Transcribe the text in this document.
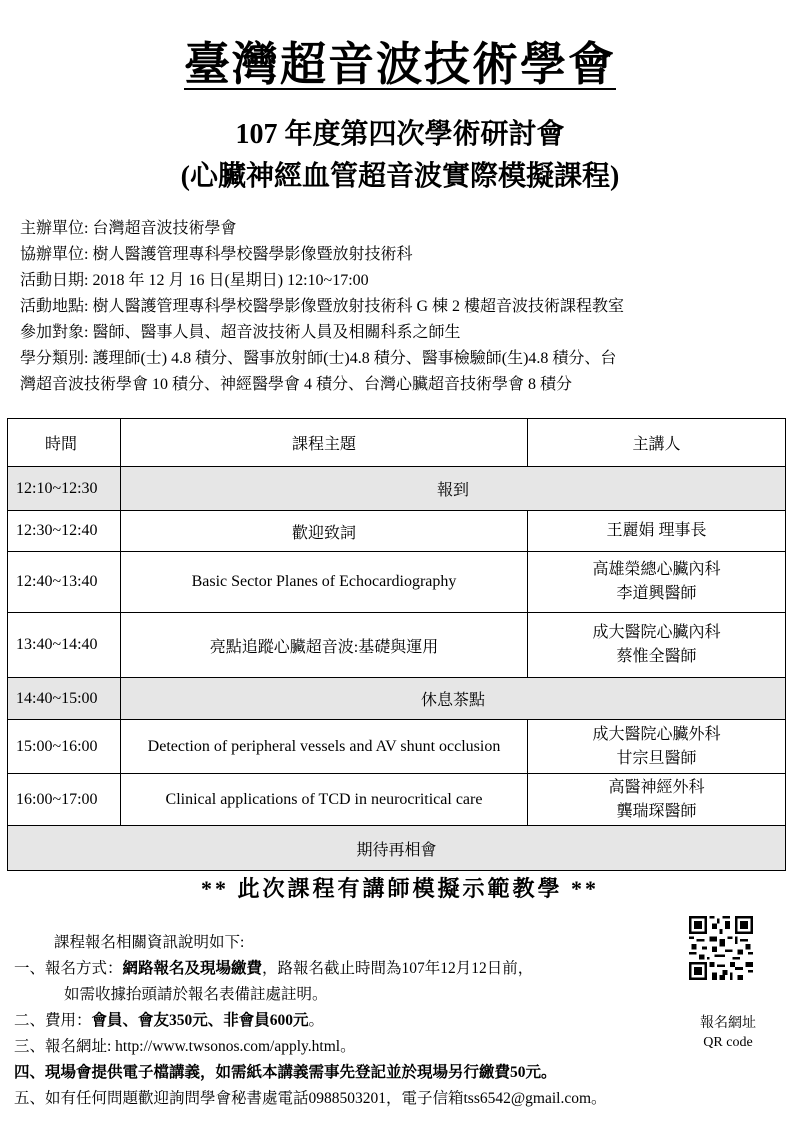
臺灣超音波技術學會
107 年度第四次學術研討會
(心臟神經血管超音波實際模擬課程)
主辦單位: 台灣超音波技術學會
協辦單位: 樹人醫護管理專科學校醫學影像暨放射技術科
活動日期: 2018 年 12 月 16 日(星期日) 12:10~17:00
活動地點: 樹人醫護管理專科學校醫學影像暨放射技術科 G 棟 2 樓超音波技術課程教室
參加對象: 醫師、醫事人員、超音波技術人員及相關科系之師生
學分類別: 護理師(士) 4.8 積分、醫事放射師(士)4.8 積分、醫事檢驗師(生)4.8 積分、台
灣超音波技術學會 10 積分、神經醫學會 4 積分、台灣心臟超音技術學會 8 積分
時間	課程主題	主講人
12:10~12:30	報到	
12:30~12:40	歡迎致詞	王麗娟 理事長
12:40~13:40	Basic Sector Planes of Echocardiography	高雄榮總心臟內科
李道興醫師

13:40~14:40	亮點追蹤心臟超音波:基礎與運用	成大醫院心臟內科
蔡惟全醫師

14:40~15:00	休息茶點	
15:00~16:00	Detection of peripheral vessels and AV shunt occlusion	成大醫院心臟外科
甘宗旦醫師

16:00~17:00	Clinical applications of TCD in neurocritical care	高醫神經外科
龔瑞琛醫師

期待再相會		
** 此次課程有講師模擬示範教學 **
課程報名相關資訊說明如下:
一、報名方式：網路報名及現場繳費，路報名截止時間為107年12月12日前，
如需收據抬頭請於報名表備註處註明。
二、費用：會員、會友350元、非會員600元。
三、報名網址: http://www.twsonos.com/apply.html。
四、現場會提供電子檔講義，如需紙本講義需事先登記並於現場另行繳費50元。
五、如有任何問題歡迎詢問學會秘書處電話0988503201，電子信箱tss6542@gmail.com。
報名網址
QR code
